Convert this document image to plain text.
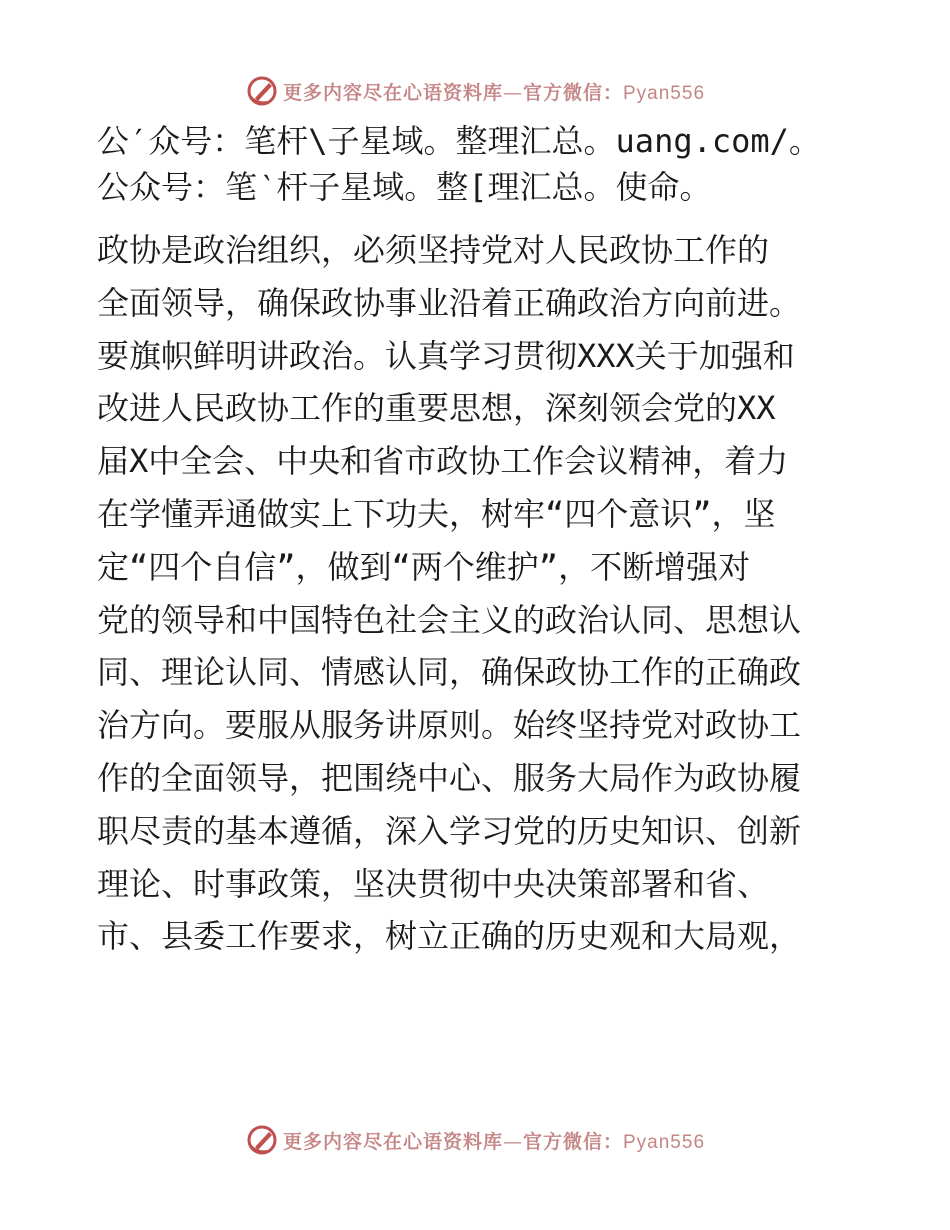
更多内容尽在心语资料库—官方微信：Pyan556
公′众号：笔杆\子星域。整理汇总。uang.com/。
公众号：笔‵杆子星域。整[理汇总。使命。
政协是政治组织，必须坚持党对人民政协工作的
全面领导，确保政协事业沿着正确政治方向前进。
要旗帜鲜明讲政治。认真学习贯彻XXX关于加强和
改进人民政协工作的重要思想，深刻领会党的XX
届X中全会、中央和省市政协工作会议精神，着力
在学懂弄通做实上下功夫，树牢“四个意识”，坚
定“四个自信”，做到“两个维护”，不断增强对
党的领导和中国特色社会主义的政治认同、思想认
同、理论认同、情感认同，确保政协工作的正确政
治方向。要服从服务讲原则。始终坚持党对政协工
作的全面领导，把围绕中心、服务大局作为政协履
职尽责的基本遵循，深入学习党的历史知识、创新
理论、时事政策，坚决贯彻中央决策部署和省、
市、县委工作要求，树立正确的历史观和大局观，
更多内容尽在心语资料库—官方微信：Pyan556
